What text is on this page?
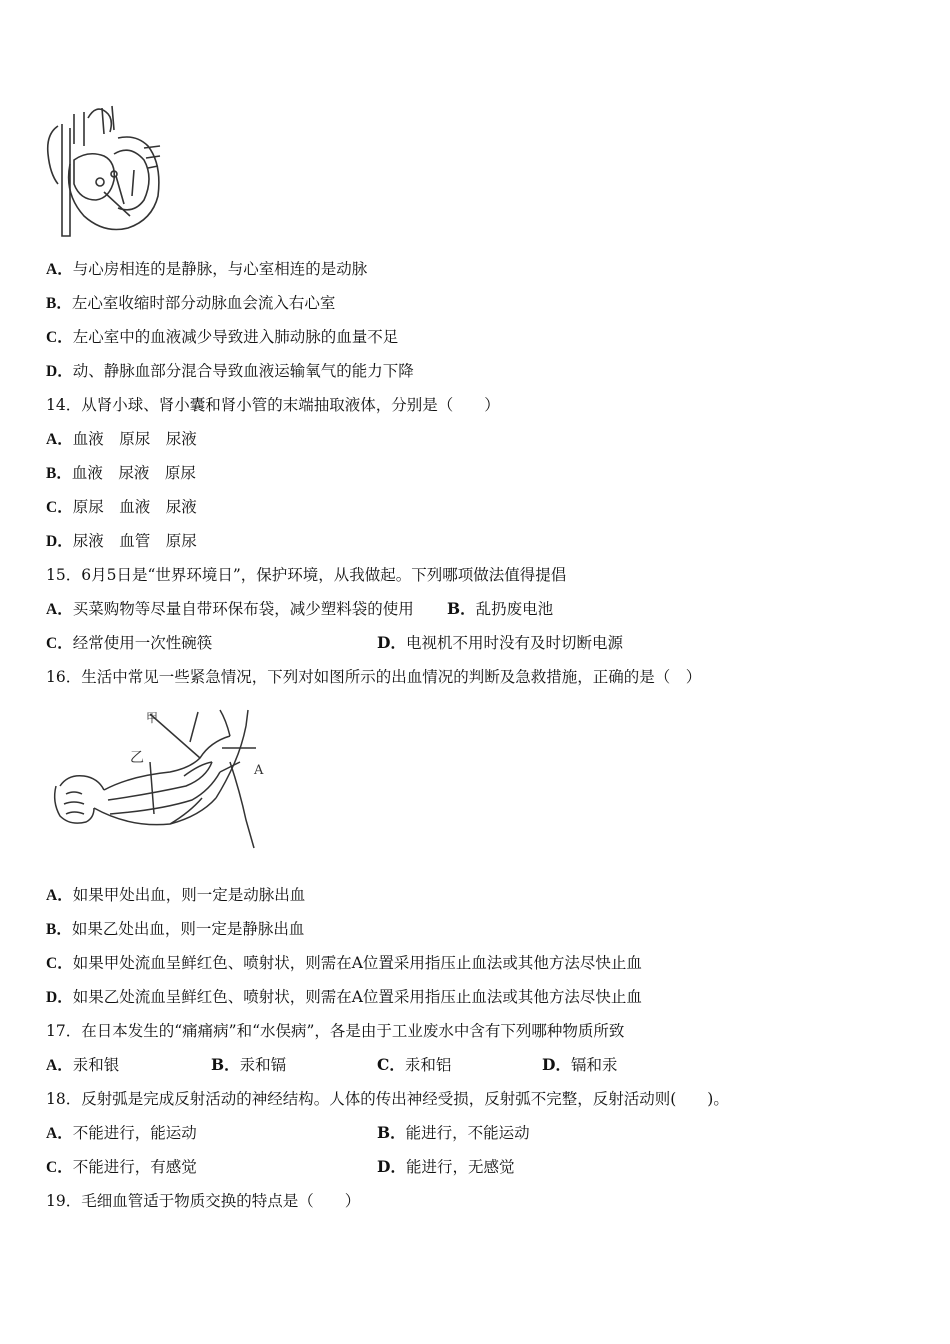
A．与心房相连的是静脉，与心室相连的是动脉
B．左心室收缩时部分动脉血会流入右心室
C．左心室中的血液减少导致进入肺动脉的血量不足
D．动、静脉血部分混合导致血液运输氧气的能力下降
14．从肾小球、肾小囊和肾小管的末端抽取液体，分别是（　　）
A．血液　原尿　尿液
B．血液　尿液　原尿
C．原尿　血液　尿液
D．尿液　血管　原尿
15．6月5日是“世界环境日”，保护环境，从我做起。下列哪项做法值得提倡
A．买菜购物等尽量自带环保布袋，减少塑料袋的使用 B．乱扔废电池
C．经常使用一次性碗筷	D．电视机不用时没有及时切断电源
16．生活中常见一些紧急情况，下列对如图所示的出血情况的判断及急救措施，正确的是（　）
甲
乙
A
A．如果甲处出血，则一定是动脉出血
B．如果乙处出血，则一定是静脉出血
C．如果甲处流血呈鲜红色、喷射状，则需在A位置采用指压止血法或其他方法尽快止血
D．如果乙处流血呈鲜红色、喷射状，则需在A位置采用指压止血法或其他方法尽快止血
17．在日本发生的“痛痛病”和“水俣病”，各是由于工业废水中含有下列哪种物质所致
A．汞和银	B．汞和镉	C．汞和铝	D．镉和汞
18．反射弧是完成反射活动的神经结构。人体的传出神经受损，反射弧不完整，反射活动则(　　)。
A．不能进行，能运动	B．能进行，不能运动
C．不能进行，有感觉	D．能进行，无感觉
19．毛细血管适于物质交换的特点是（　　）
